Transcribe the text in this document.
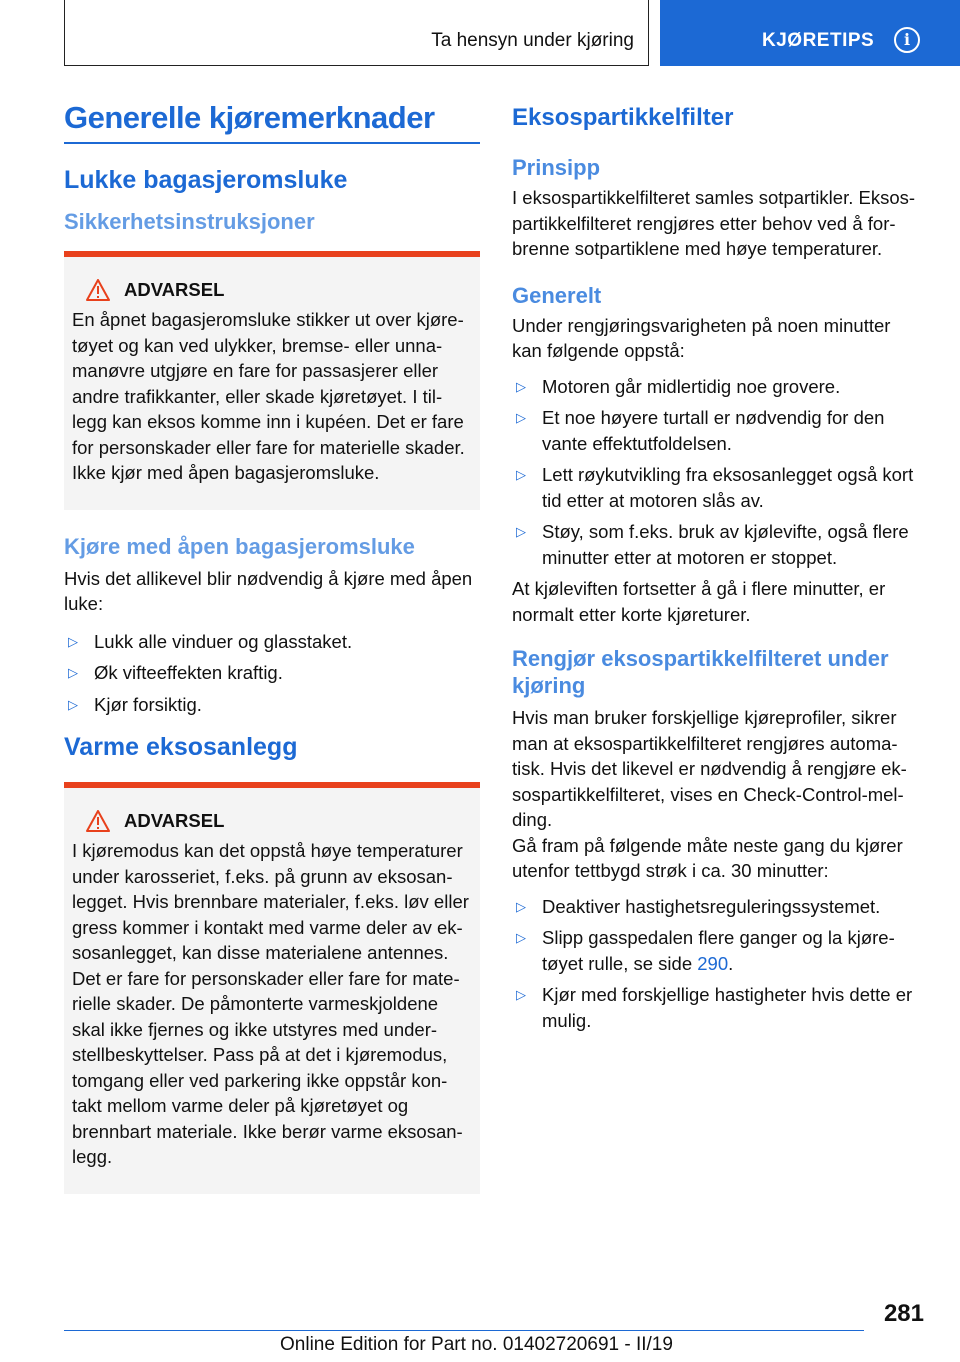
Ta hensyn under kjøring	KJØRETIPS	i
Generelle kjøremerknader
Lukke bagasjeromsluke
Sikkerhetsinstruksjoner
ADVARSEL
En åpnet bagasjeromsluke stikker ut over kjøre-
tøyet og kan ved ulykker, bremse- eller unna-
manøvre utgjøre en fare for passasjerer eller
andre trafikkanter, eller skade kjøretøyet. I til-
legg kan eksos komme inn i kupéen. Det er fare
for personskader eller fare for materielle skader.
Ikke kjør med åpen bagasjeromsluke.
Kjøre med åpen bagasjeromsluke
Hvis det allikevel blir nødvendig å kjøre med åpen
luke:
▷ Lukk alle vinduer og glasstaket.
▷ Øk vifteeffekten kraftig.
▷ Kjør forsiktig.
Varme eksosanlegg
ADVARSEL
I kjøremodus kan det oppstå høye temperaturer
under karosseriet, f.eks. på grunn av eksosan-
legget. Hvis brennbare materialer, f.eks. løv eller
gress kommer i kontakt med varme deler av ek-
sosanlegget, kan disse materialene antennes.
Det er fare for personskader eller fare for mate-
rielle skader. De påmonterte varmeskjoldene
skal ikke fjernes og ikke utstyres med under-
stellbeskyttelser. Pass på at det i kjøremodus,
tomgang eller ved parkering ikke oppstår kon-
takt mellom varme deler på kjøretøyet og
brennbart materiale. Ikke berør varme eksosan-
legg.
Eksospartikkelfilter
Prinsipp
I eksospartikkelfilteret samles sotpartikler. Eksos-
partikkelfilteret rengjøres etter behov ved å for-
brenne sotpartiklene med høye temperaturer.
Generelt
Under rengjøringsvarigheten på noen minutter
kan følgende oppstå:
▷ Motoren går midlertidig noe grovere.
▷ Et noe høyere turtall er nødvendig for den
vante effektutfoldelsen.
▷ Lett røykutvikling fra eksosanlegget også kort
tid etter at motoren slås av.
▷ Støy, som f.eks. bruk av kjølevifte, også flere
minutter etter at motoren er stoppet.
At kjøleviften fortsetter å gå i flere minutter, er
normalt etter korte kjøreturer.
Rengjør eksospartikkelfilteret under
kjøring
Hvis man bruker forskjellige kjøreprofiler, sikrer
man at eksospartikkelfilteret rengjøres automa-
tisk. Hvis det likevel er nødvendig å rengjøre ek-
sospartikkelfilteret, vises en Check-Control-mel-
ding.
Gå fram på følgende måte neste gang du kjører
utenfor tettbygd strøk i ca. 30 minutter:
▷ Deaktiver hastighetsreguleringssystemet.
▷ Slipp gasspedalen flere ganger og la kjøre-
tøyet rulle, se side 290.
▷ Kjør med forskjellige hastigheter hvis dette er
mulig.
281
Online Edition for Part no. 01402720691 - II/19
